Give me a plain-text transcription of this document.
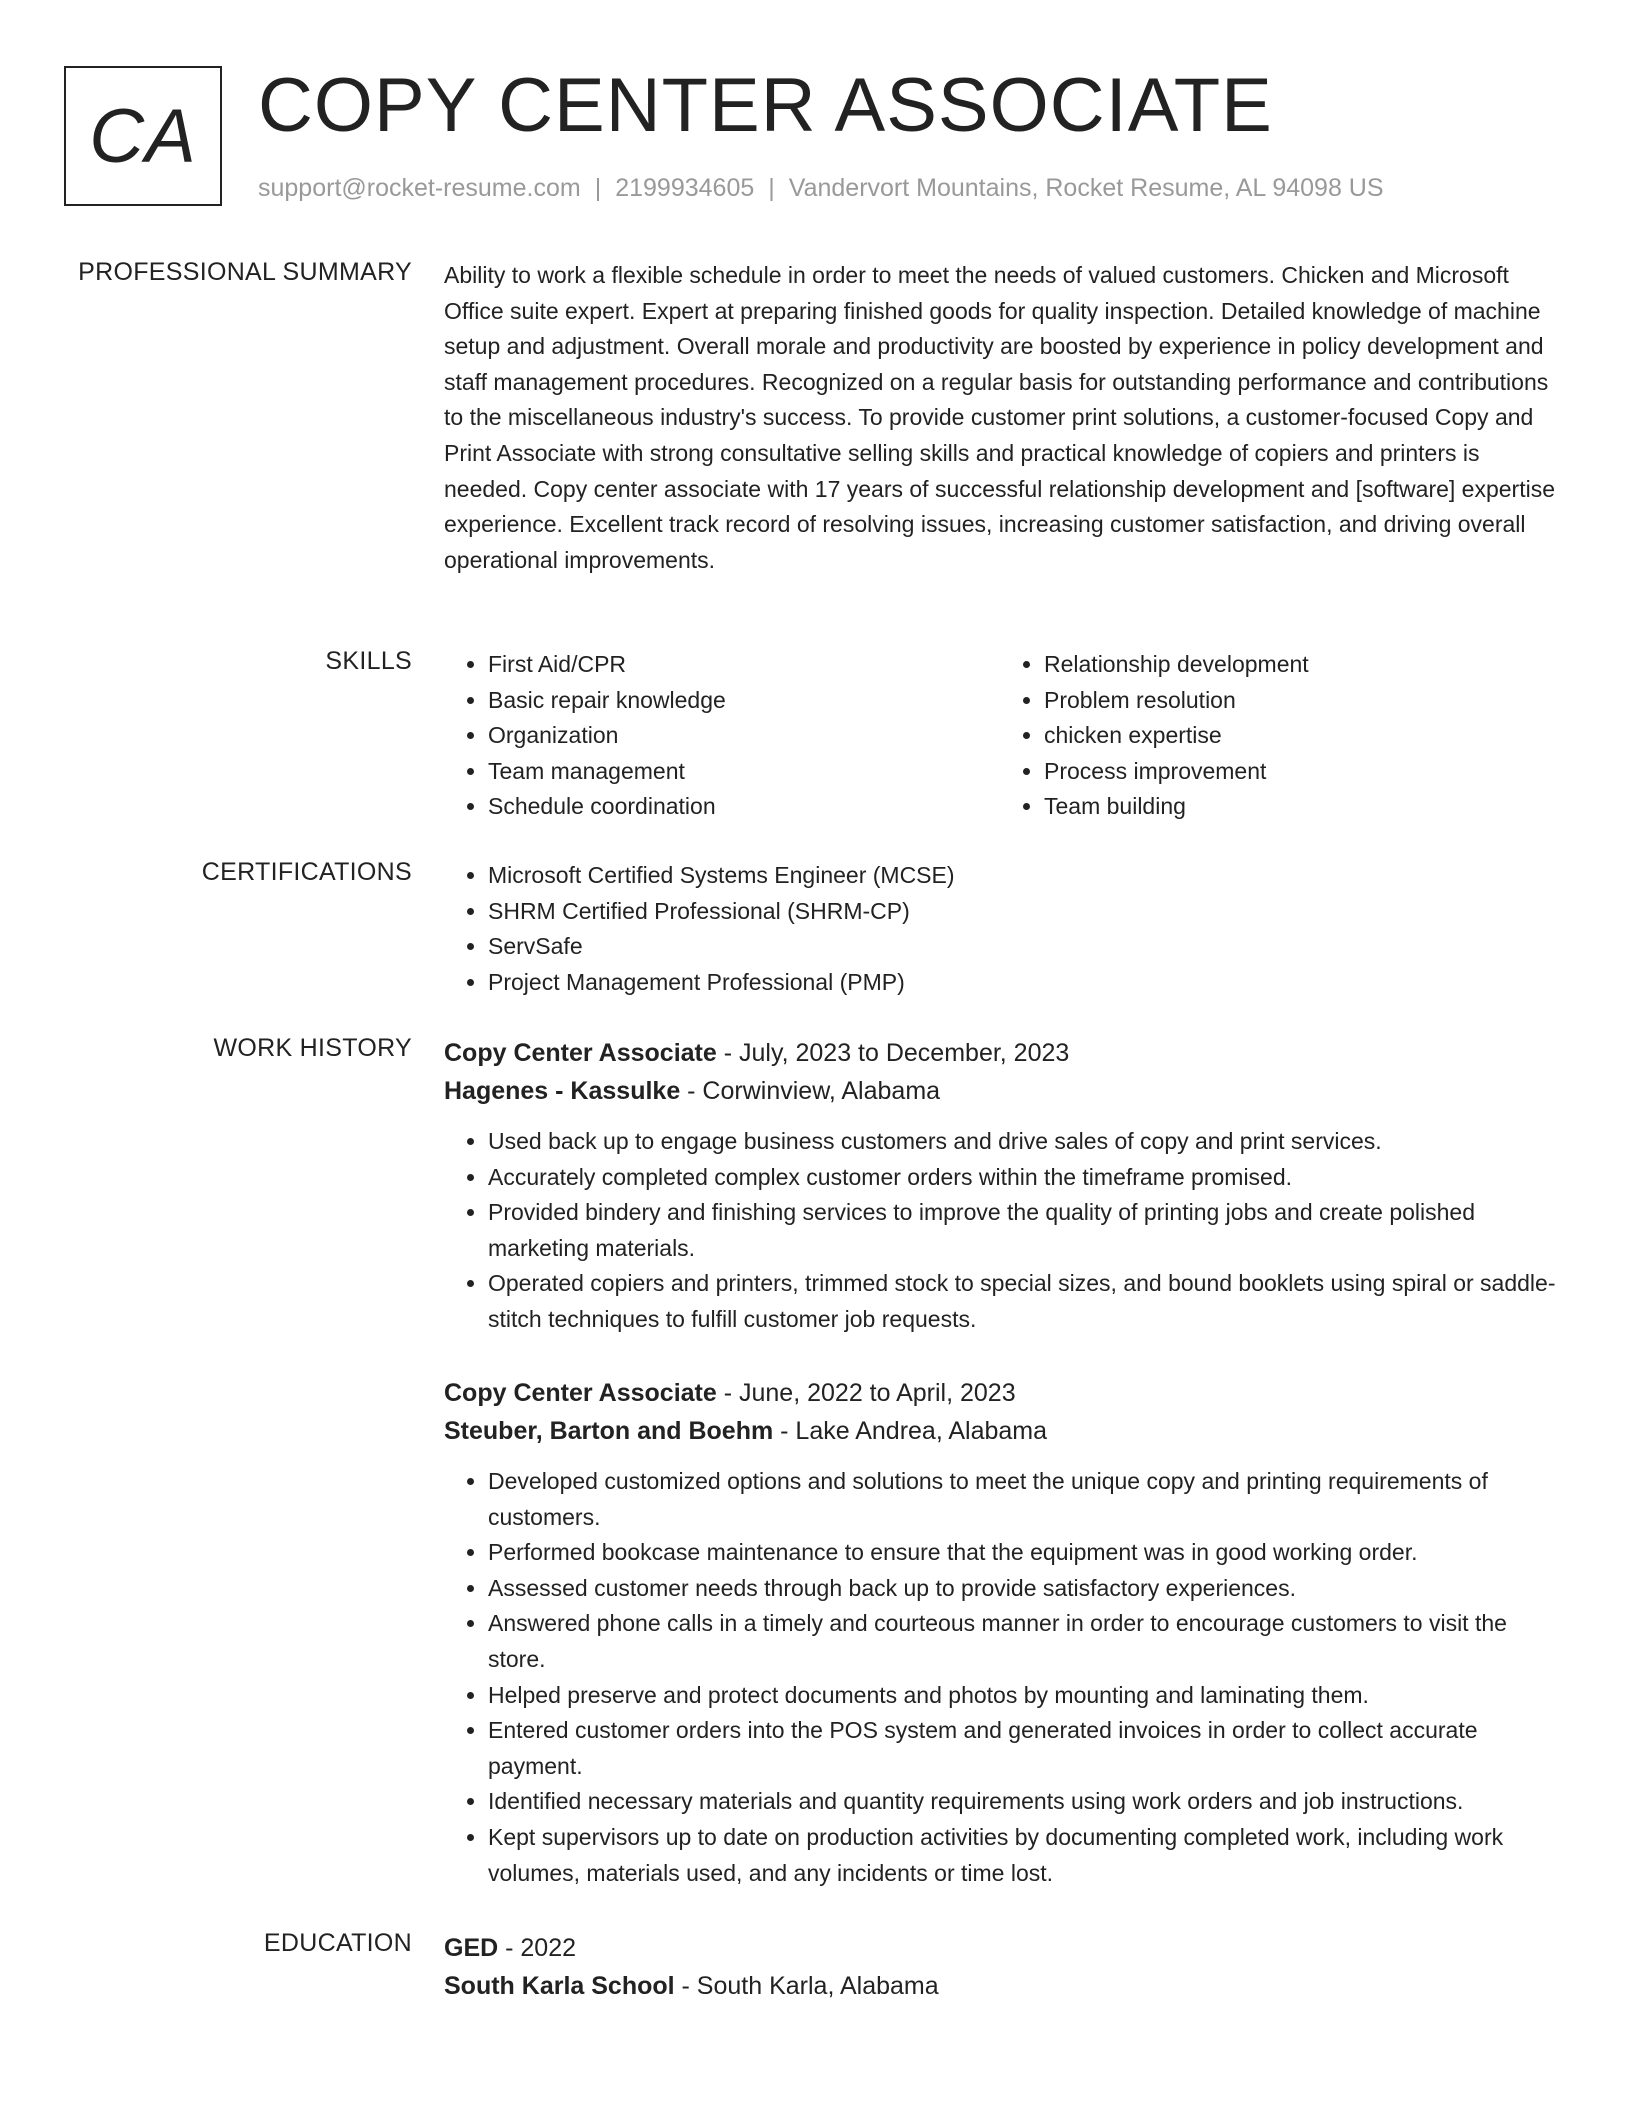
CA COPY CENTER ASSOCIATE
support@rocket-resume.com | 2199934605 | Vandervort Mountains, Rocket Resume, AL 94098 US
PROFESSIONAL SUMMARY Ability to work a flexible schedule in order to meet the needs of valued customers. Chicken and Microsoft Office suite expert. Expert at preparing finished goods for quality inspection. Detailed knowledge of machine setup and adjustment. Overall morale and productivity are boosted by experience in policy development and staff management procedures. Recognized on a regular basis for outstanding performance and contributions to the miscellaneous industry's success. To provide customer print solutions, a customer-focused Copy and Print Associate with strong consultative selling skills and practical knowledge of copiers and printers is needed. Copy center associate with 17 years of successful relationship development and [software] expertise experience. Excellent track record of resolving issues, increasing customer satisfaction, and driving overall operational improvements.
SKILLS	• First Aid/CPR
• Basic repair knowledge
• Organization
• Team management
• Schedule coordination
• Relationship development
• Problem resolution
• chicken expertise
• Process improvement
• Team building
CERTIFICATIONS	• Microsoft Certified Systems Engineer (MCSE)
• SHRM Certified Professional (SHRM-CP)
• ServSafe
• Project Management Professional (PMP)
WORK HISTORY Copy Center Associate - July, 2023 to December, 2023
Hagenes - Kassulke - Corwinview, Alabama
• Used back up to engage business customers and drive sales of copy and print services.
• Accurately completed complex customer orders within the timeframe promised.
• Provided bindery and finishing services to improve the quality of printing jobs and create polished marketing materials.
• Operated copiers and printers, trimmed stock to special sizes, and bound booklets using spiral or saddle-stitch techniques to fulfill customer job requests.
Copy Center Associate - June, 2022 to April, 2023
Steuber, Barton and Boehm - Lake Andrea, Alabama
• Developed customized options and solutions to meet the unique copy and printing requirements of customers.
• Performed bookcase maintenance to ensure that the equipment was in good working order.
• Assessed customer needs through back up to provide satisfactory experiences.
• Answered phone calls in a timely and courteous manner in order to encourage customers to visit the store.
• Helped preserve and protect documents and photos by mounting and laminating them.
• Entered customer orders into the POS system and generated invoices in order to collect accurate payment.
• Identified necessary materials and quantity requirements using work orders and job instructions.
• Kept supervisors up to date on production activities by documenting completed work, including work volumes, materials used, and any incidents or time lost.
EDUCATION GED - 2022
South Karla School - South Karla, Alabama
